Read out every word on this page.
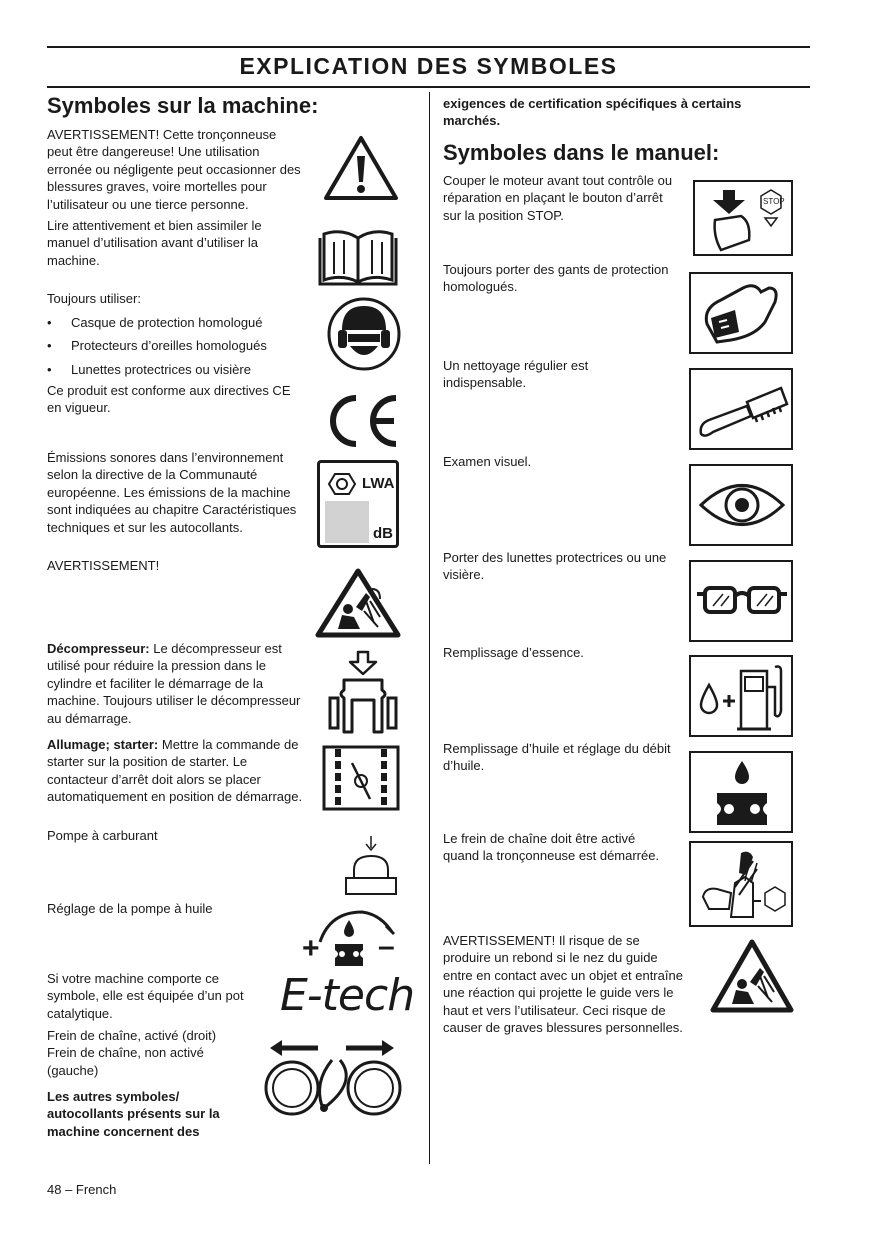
EXPLICATION DES SYMBOLES
Symboles sur la machine:

AVERTISSEMENT! Cette tronçonneuse peut être dangereuse! Une utilisation erronée ou négligente peut occasionner des blessures graves, voire mortelles pour l’utilisateur ou une tierce personne.

Lire attentivement et bien assimiler le manuel d’utilisation avant d’utiliser la machine.

Toujours utiliser:

• Casque de protection homologué
• Protecteurs d’oreilles homologués
• Lunettes protectrices ou visière

Ce produit est conforme aux directives CE en vigueur.

Émissions sonores dans l’environnement selon la directive de la Communauté européenne. Les émissions de la machine sont indiquées au chapitre Caractéristiques techniques et sur les autocollants.

LWA
dB

AVERTISSEMENT!

Décompresseur: Le décompresseur est utilisé pour réduire la pression dans le cylindre et faciliter le démarrage de la machine. Toujours utiliser le décompresseur au démarrage.

Allumage; starter: Mettre la commande de starter sur la position de starter. Le contacteur d’arrêt doit alors se placer automatiquement en position de démarrage.

Pompe à carburant

Réglage de la pompe à huile

+ –

Si votre machine comporte ce symbole, elle est équipée d’un pot catalytique.	E-tech

Frein de chaîne, activé (droit) Frein de chaîne, non activé (gauche)

Les autres symboles/ autocollants présents sur la machine concernent des

exigences de certification spécifiques à certains marchés.

Symboles dans le manuel:

Couper le moteur avant tout contrôle ou réparation en plaçant le bouton d’arrêt sur la position STOP.

STOP

Toujours porter des gants de protection homologués.

Un nettoyage régulier est indispensable.

Examen visuel.

Porter des lunettes protectrices ou une visière.

Remplissage d’essence.

Remplissage d’huile et réglage du débit d’huile.

Le frein de chaîne doit être activé quand la tronçonneuse est démarrée.

AVERTISSEMENT! Il risque de se produire un rebond si le nez du guide entre en contact avec un objet et entraîne une réaction qui projette le guide vers le haut et vers l’utilisateur. Ceci risque de causer de graves blessures personnelles.

48 – French
